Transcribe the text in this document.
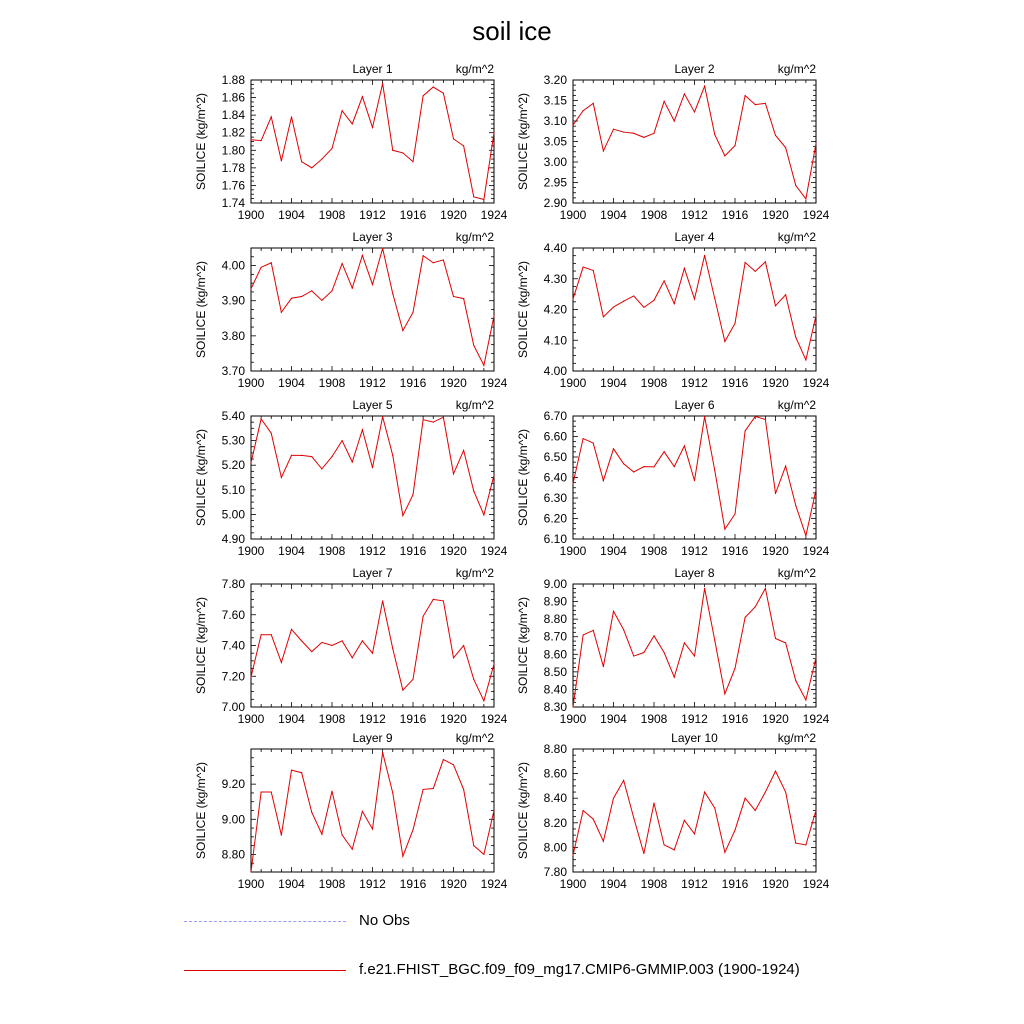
soil ice
1900 1904 1908 1912 1916 1920 1924
1.74
1.76
1.78
1.80
1.82
1.84
1.86
1.88
SOILICE (kg/m^2)
Layer 1	kg/m^2
1900 1904 1908 1912 1916 1920 1924
2.90
2.95
3.00
3.05
3.10
3.15
3.20
SOILICE (kg/m^2)
Layer 2	kg/m^2
1900 1904 1908 1912 1916 1920 1924
3.70
3.80
3.90
4.00
SOILICE (kg/m^2)
Layer 3	kg/m^2
1900 1904 1908 1912 1916 1920 1924
4.00
4.10
4.20
4.30
4.40
SOILICE (kg/m^2)
Layer 4	kg/m^2
1900 1904 1908 1912 1916 1920 1924
4.90
5.00
5.10
5.20
5.30
5.40
SOILICE (kg/m^2)
Layer 5	kg/m^2
1900 1904 1908 1912 1916 1920 1924
6.10
6.20
6.30
6.40
6.50
6.60
6.70
SOILICE (kg/m^2)
Layer 6	kg/m^2
1900 1904 1908 1912 1916 1920 1924
7.00
7.20
7.40
7.60
7.80
SOILICE (kg/m^2)
Layer 7	kg/m^2
1900 1904 1908 1912 1916 1920 1924
8.30
8.40
8.50
8.60
8.70
8.80
8.90
9.00
SOILICE (kg/m^2)
Layer 8	kg/m^2
1900 1904 1908 1912 1916 1920 1924
8.80
9.00
9.20
SOILICE (kg/m^2)
Layer 9	kg/m^2
1900 1904 1908 1912 1916 1920 1924
7.80
8.00
8.20
8.40
8.60
8.80
SOILICE (kg/m^2)
Layer 10	kg/m^2
No Obs
f.e21.FHIST_BGC.f09_f09_mg17.CMIP6-GMMIP.003 (1900-1924)
